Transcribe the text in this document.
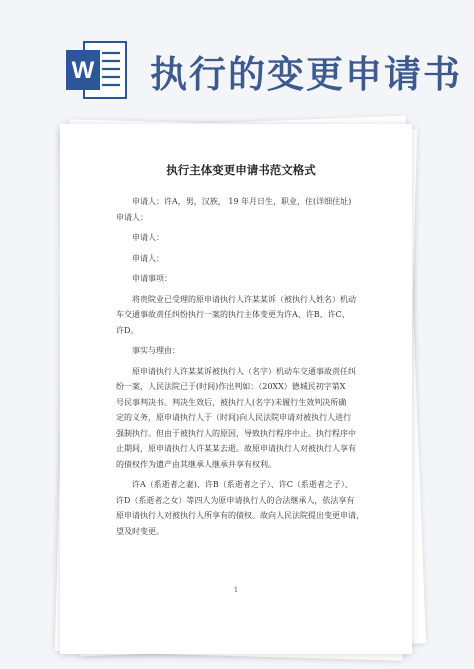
W 执行的变更申请书
执行主体变更申请书范文格式
申请人：许A，男，汉族， 19 年月日生，职业，住(详细住址)
申请人：
申请人：
申请人：
申请事项：
将贵院业已受理的原申请执行人许某某诉（被执行人姓名）机动
车交通事故责任纠纷执行一案的执行主体变更为许A、许B、许C、
许D。
事实与理由：
原申请执行人许某某诉被执行人（名字）机动车交通事故责任纠
纷一案，人民法院已于(时间)作出判如：（20XX）德城民初字第X
号民事判决书。判决生效后，被执行人(名字)未履行生效判决所确
定的义务，原申请执行人于（时间)向人民法院申请对被执行人进行
强制执行。但由于被执行人的原因，导致执行程序中止。执行程序中
止期间，原申请执行人许某某去逝。故原申请执行人对被执行人享有
的债权作为遗产由其继承人继承并享有权利。
许A（系逝者之妻)、许B（系逝者之子）、许C（系逝者之子）、
许D（系逝者之女）等四人为原申请执行人的合法继承人，依法享有
原申请执行人对被执行人所享有的债权。故向人民法院提出变更申请，
望及时变更。
1
